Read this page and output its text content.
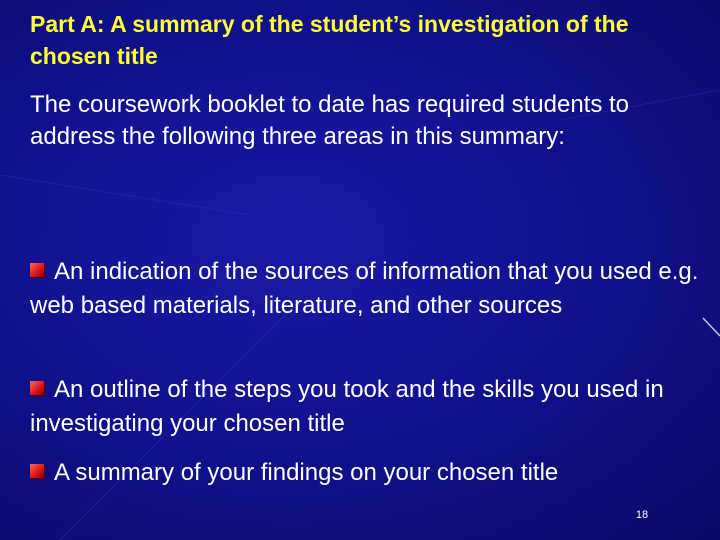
Part A: A summary of the student’s investigation of the chosen title

The coursework booklet to date has required students to address the following three areas in this summary:

An indication of the sources of information that you used e.g. web based materials, literature, and other sources

An outline of the steps you took and the skills you used in investigating your chosen title

A summary of your findings on your chosen title

18
